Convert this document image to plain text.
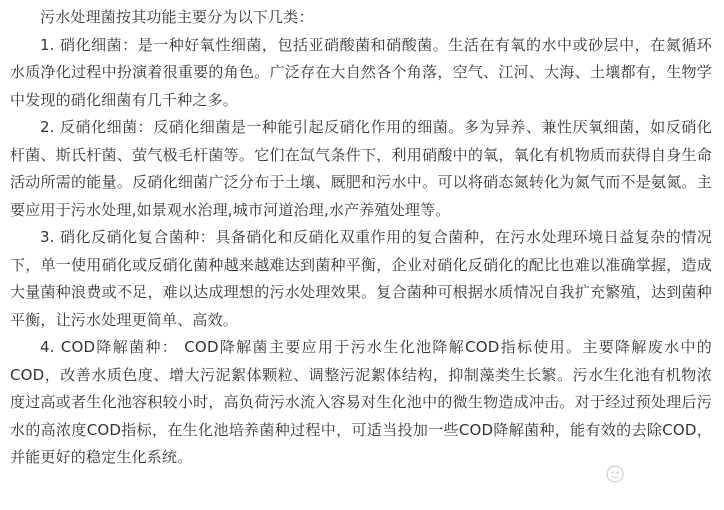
污水处理菌按其功能主要分为以下几类：

1. 硝化细菌：是一种好氧性细菌，包括亚硝酸菌和硝酸菌。生活在有氧的水中或砂层中，在氮循环水质净化过程中扮演着很重要的角色。广泛存在大自然各个角落，空气、江河、大海、土壤都有，生物学中发现的硝化细菌有几千种之多。

2. 反硝化细菌：反硝化细菌是一种能引起反硝化作用的细菌。多为异养、兼性厌氧细菌，如反硝化杆菌、斯氏杆菌、萤气极毛杆菌等。它们在氙气条件下，利用硝酸中的氧，氧化有机物质而获得自身生命活动所需的能量。反硝化细菌广泛分布于土壤、厩肥和污水中。可以将硝态氮转化为氮气而不是氨氮。主要应用于污水处理,如景观水治理,城市河道治理,水产养殖处理等。

3. 硝化反硝化复合菌种：具备硝化和反硝化双重作用的复合菌种，在污水处理环境日益复杂的情况下，单一使用硝化或反硝化菌种越来越难达到菌种平衡，企业对硝化反硝化的配比也难以准确掌握，造成大量菌种浪费或不足，难以达成理想的污水处理效果。复合菌种可根据水质情况自我扩充繁殖，达到菌种平衡，让污水处理更简单、高效。

4. COD降解菌种： COD降解菌主要应用于污水生化池降解COD指标使用。主要降解废水中的COD，改善水质色度、增大污泥絮体颗粒、调整污泥絮体结构，抑制藻类生长繁。污水生化池有机物浓度过高或者生化池容积较小时，高负荷污水流入容易对生化池中的微生物造成冲击。对于经过预处理后污水的高浓度COD指标，在生化池培养菌种过程中，可适当投加一些COD降解菌种，能有效的去除COD，并能更好的稳定生化系统。
